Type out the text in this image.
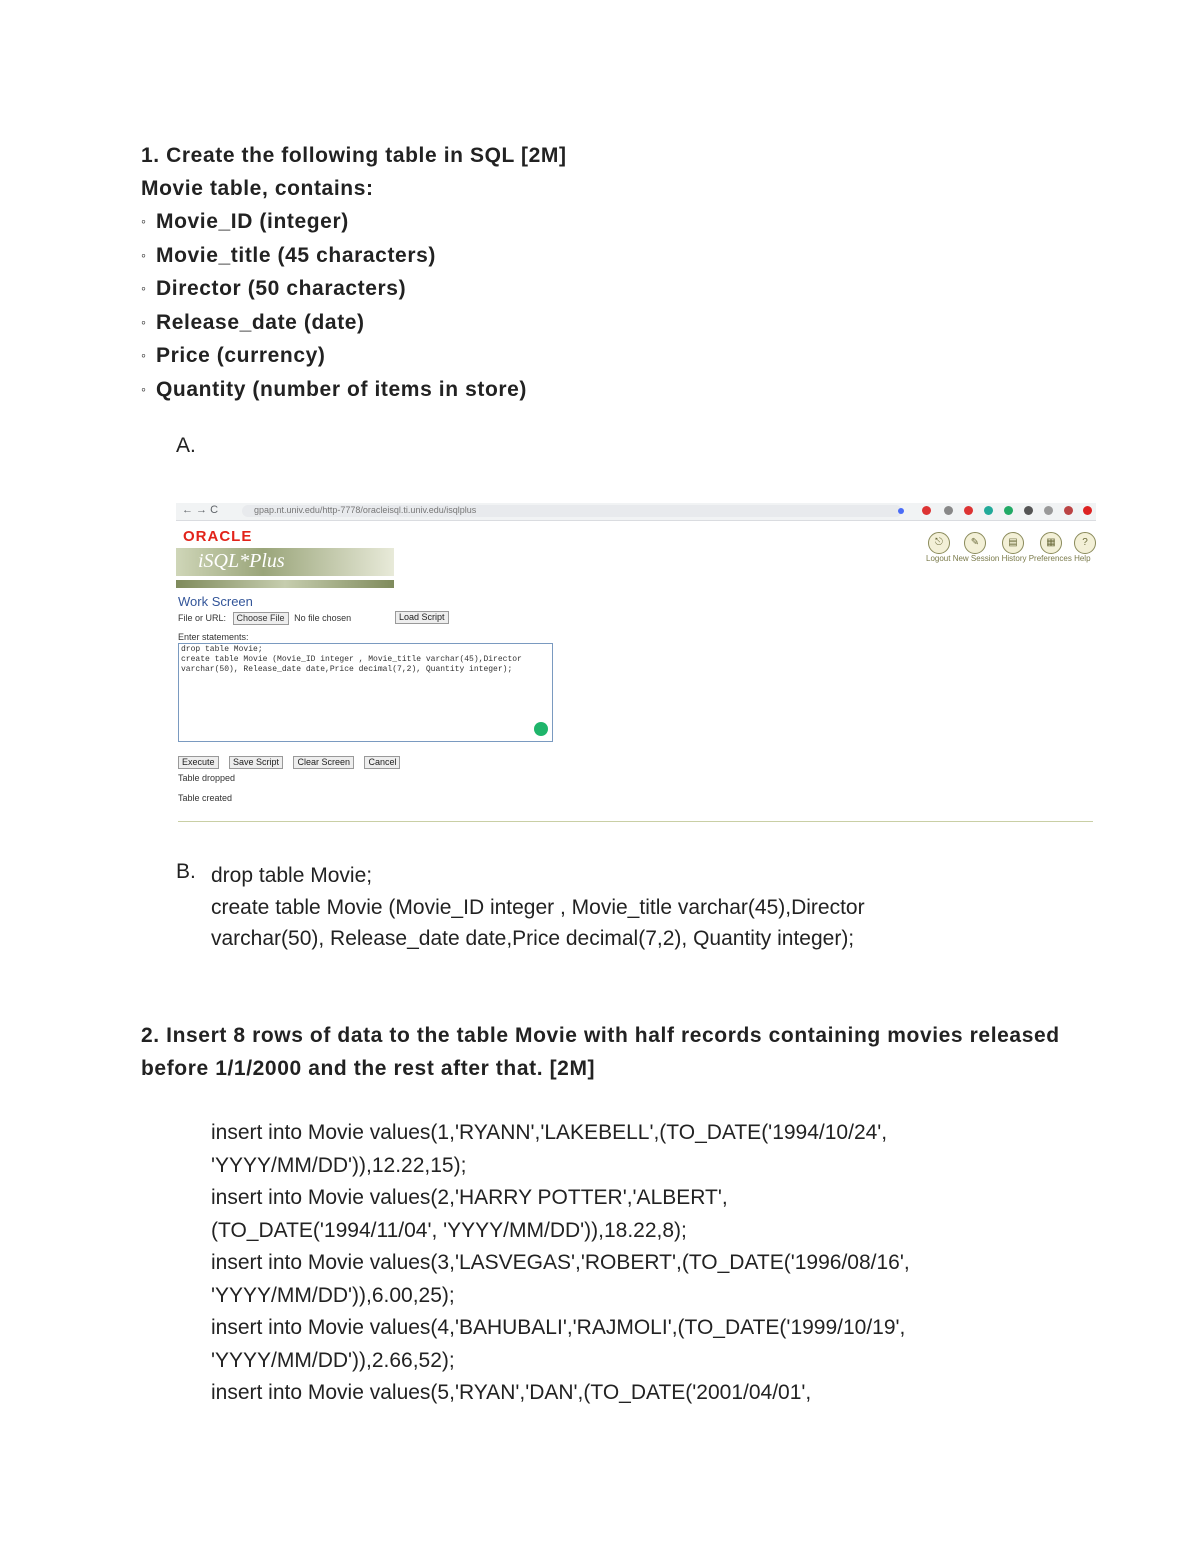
1. Create the following table in SQL [2M]
Movie table, contains:
◦ Movie_ID (integer)
◦ Movie_title (45 characters)
◦ Director (50 characters)
◦ Release_date (date)
◦ Price (currency)
◦ Quantity (number of items in store)
A.
← → C	gpap.nt.univ.edu/http-7778/oracleisql.ti.univ.edu/isqlplus
ORACLE
iSQL*Plus
⎋	✎	▤	▦	?
Logout New Session History Preferences Help
Work Screen
File or URL: Choose File No file chosen	Load Script
Enter statements:
drop table Movie;
create table Movie (Movie_ID integer , Movie_title varchar(45),Director
varchar(50), Release_date date,Price decimal(7,2), Quantity integer);
Execute Save Script Clear Screen Cancel
Table dropped
Table created
B. drop table Movie;
create table Movie (Movie_ID integer , Movie_title varchar(45),Director
varchar(50), Release_date date,Price decimal(7,2), Quantity integer);
2. Insert 8 rows of data to the table Movie with half records containing movies released before 1/1/2000 and the rest after that. [2M]
insert into Movie values(1,'RYANN','LAKEBELL',(TO_DATE('1994/10/24',
'YYYY/MM/DD')),12.22,15);
insert into Movie values(2,'HARRY POTTER','ALBERT',
(TO_DATE('1994/11/04', 'YYYY/MM/DD')),18.22,8);
insert into Movie values(3,'LASVEGAS','ROBERT',(TO_DATE('1996/08/16',
'YYYY/MM/DD')),6.00,25);
insert into Movie values(4,'BAHUBALI','RAJMOLI',(TO_DATE('1999/10/19',
'YYYY/MM/DD')),2.66,52);
insert into Movie values(5,'RYAN','DAN',(TO_DATE('2001/04/01',
